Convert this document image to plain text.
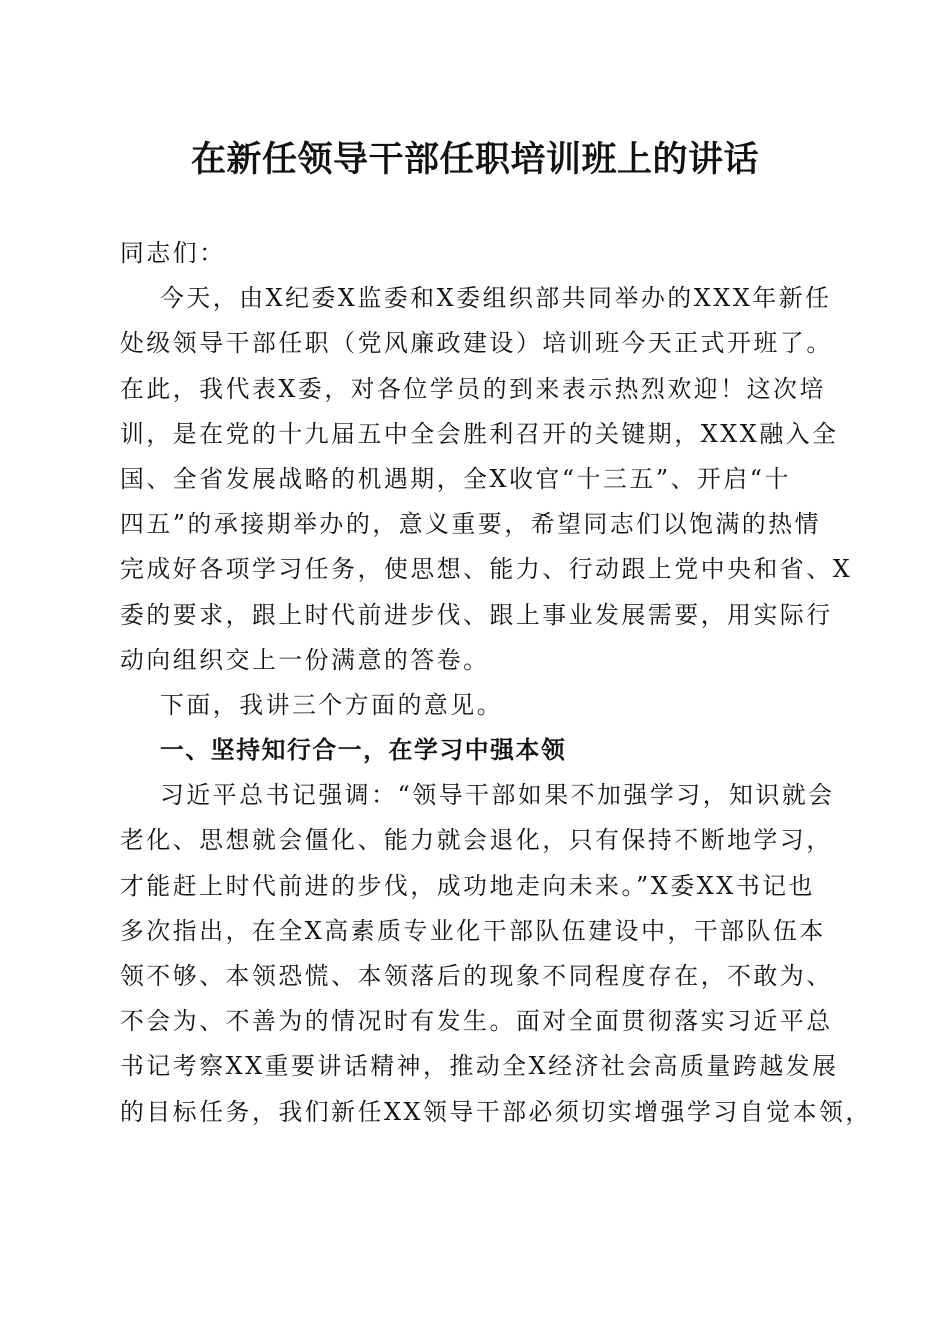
在新任领导干部任职培训班上的讲话
同志们：
今天，由X纪委X监委和X委组织部共同举办的XXX年新任
处级领导干部任职（党风廉政建设）培训班今天正式开班了。
在此，我代表X委，对各位学员的到来表示热烈欢迎！这次培
训，是在党的十九届五中全会胜利召开的关键期，XXX融入全
国、全省发展战略的机遇期，全X收官“十三五”、开启“十
四五”的承接期举办的，意义重要，希望同志们以饱满的热情
完成好各项学习任务，使思想、能力、行动跟上党中央和省、X
委的要求，跟上时代前进步伐、跟上事业发展需要，用实际行
动向组织交上一份满意的答卷。
下面，我讲三个方面的意见。
一、坚持知行合一，在学习中强本领
习近平总书记强调：“领导干部如果不加强学习，知识就会
老化、思想就会僵化、能力就会退化，只有保持不断地学习，
才能赶上时代前进的步伐，成功地走向未来。”X委XX书记也
多次指出，在全X高素质专业化干部队伍建设中，干部队伍本
领不够、本领恐慌、本领落后的现象不同程度存在，不敢为、
不会为、不善为的情况时有发生。面对全面贯彻落实习近平总
书记考察XX重要讲话精神，推动全X经济社会高质量跨越发展
的目标任务，我们新任XX领导干部必须切实增强学习自觉本领，
